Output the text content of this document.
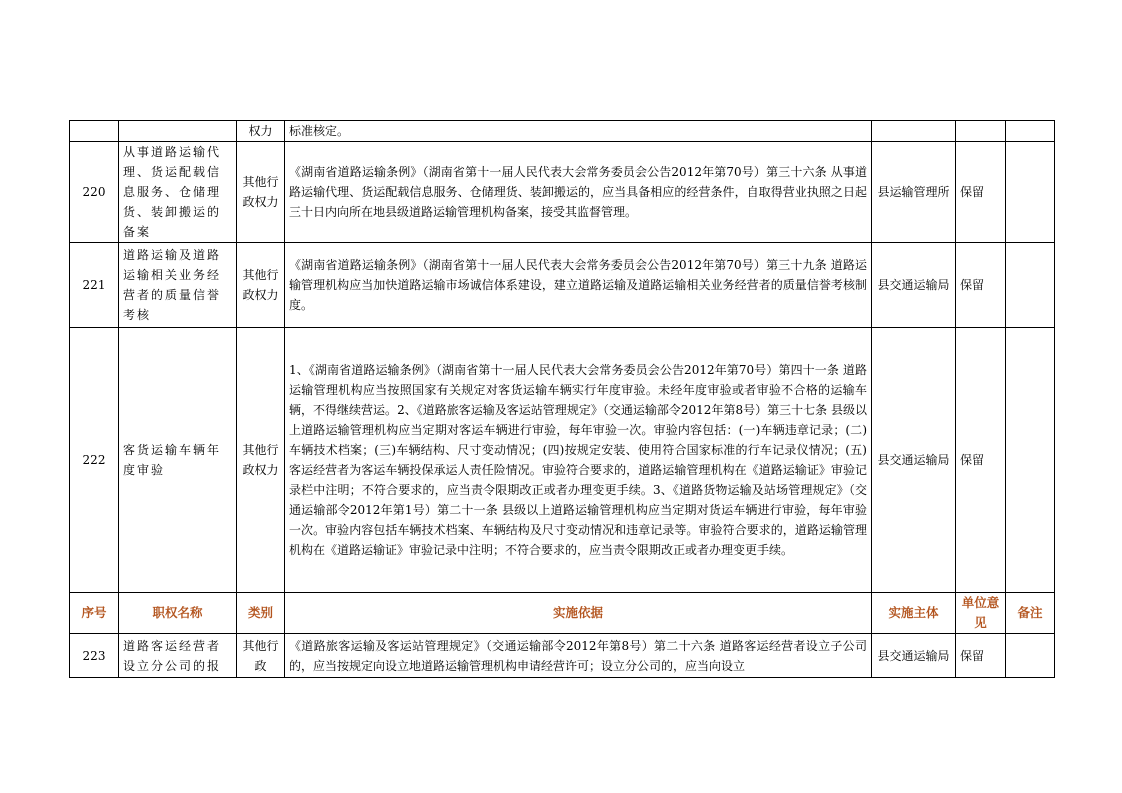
		权力	标准核定。			
220	从事道路运输代理、货运配载信息服务、仓储理货、装卸搬运的备案	其他行政权力	《湖南省道路运输条例》（湖南省第十一届人民代表大会常务委员会公告2012年第70号）第三十六条 从事道路运输代理、货运配载信息服务、仓储理货、装卸搬运的，应当具备相应的经营条件，自取得营业执照之日起三十日内向所在地县级道路运输管理机构备案，接受其监督管理。	县运输管理所	保留	
221	道路运输及道路运输相关业务经营者的质量信誉考核	其他行政权力	《湖南省道路运输条例》（湖南省第十一届人民代表大会常务委员会公告2012年第70号）第三十九条 道路运输管理机构应当加快道路运输市场诚信体系建设，建立道路运输及道路运输相关业务经营者的质量信誉考核制度。	县交通运输局	保留	
222	客货运输车辆年度审验	其他行政权力	1、《湖南省道路运输条例》（湖南省第十一届人民代表大会常务委员会公告2012年第70号）第四十一条 道路运输管理机构应当按照国家有关规定对客货运输车辆实行年度审验。未经年度审验或者审验不合格的运输车辆，不得继续营运。2、《道路旅客运输及客运站管理规定》（交通运输部令2012年第8号）第三十七条 县级以上道路运输管理机构应当定期对客运车辆进行审验，每年审验一次。审验内容包括：(一)车辆违章记录；(二)车辆技术档案；(三)车辆结构、尺寸变动情况；(四)按规定安装、使用符合国家标准的行车记录仪情况；(五)客运经营者为客运车辆投保承运人责任险情况。审验符合要求的，道路运输管理机构在《道路运输证》审验记录栏中注明；不符合要求的，应当责令限期改正或者办理变更手续。3、《道路货物运输及站场管理规定》（交通运输部令2012年第1号）第二十一条 县级以上道路运输管理机构应当定期对货运车辆进行审验，每年审验一次。审验内容包括车辆技术档案、车辆结构及尺寸变动情况和违章记录等。审验符合要求的，道路运输管理机构在《道路运输证》审验记录中注明；不符合要求的，应当责令限期改正或者办理变更手续。	县交通运输局	保留	
序号	职权名称	类别	实施依据	实施主体	单位意见	备注
223	道路客运经营者设立分公司的报	其他行政	《道路旅客运输及客运站管理规定》（交通运输部令2012年第8号）第二十六条 道路客运经营者设立子公司的，应当按规定向设立地道路运输管理机构申请经营许可；设立分公司的，应当向设立	县交通运输局	保留	
